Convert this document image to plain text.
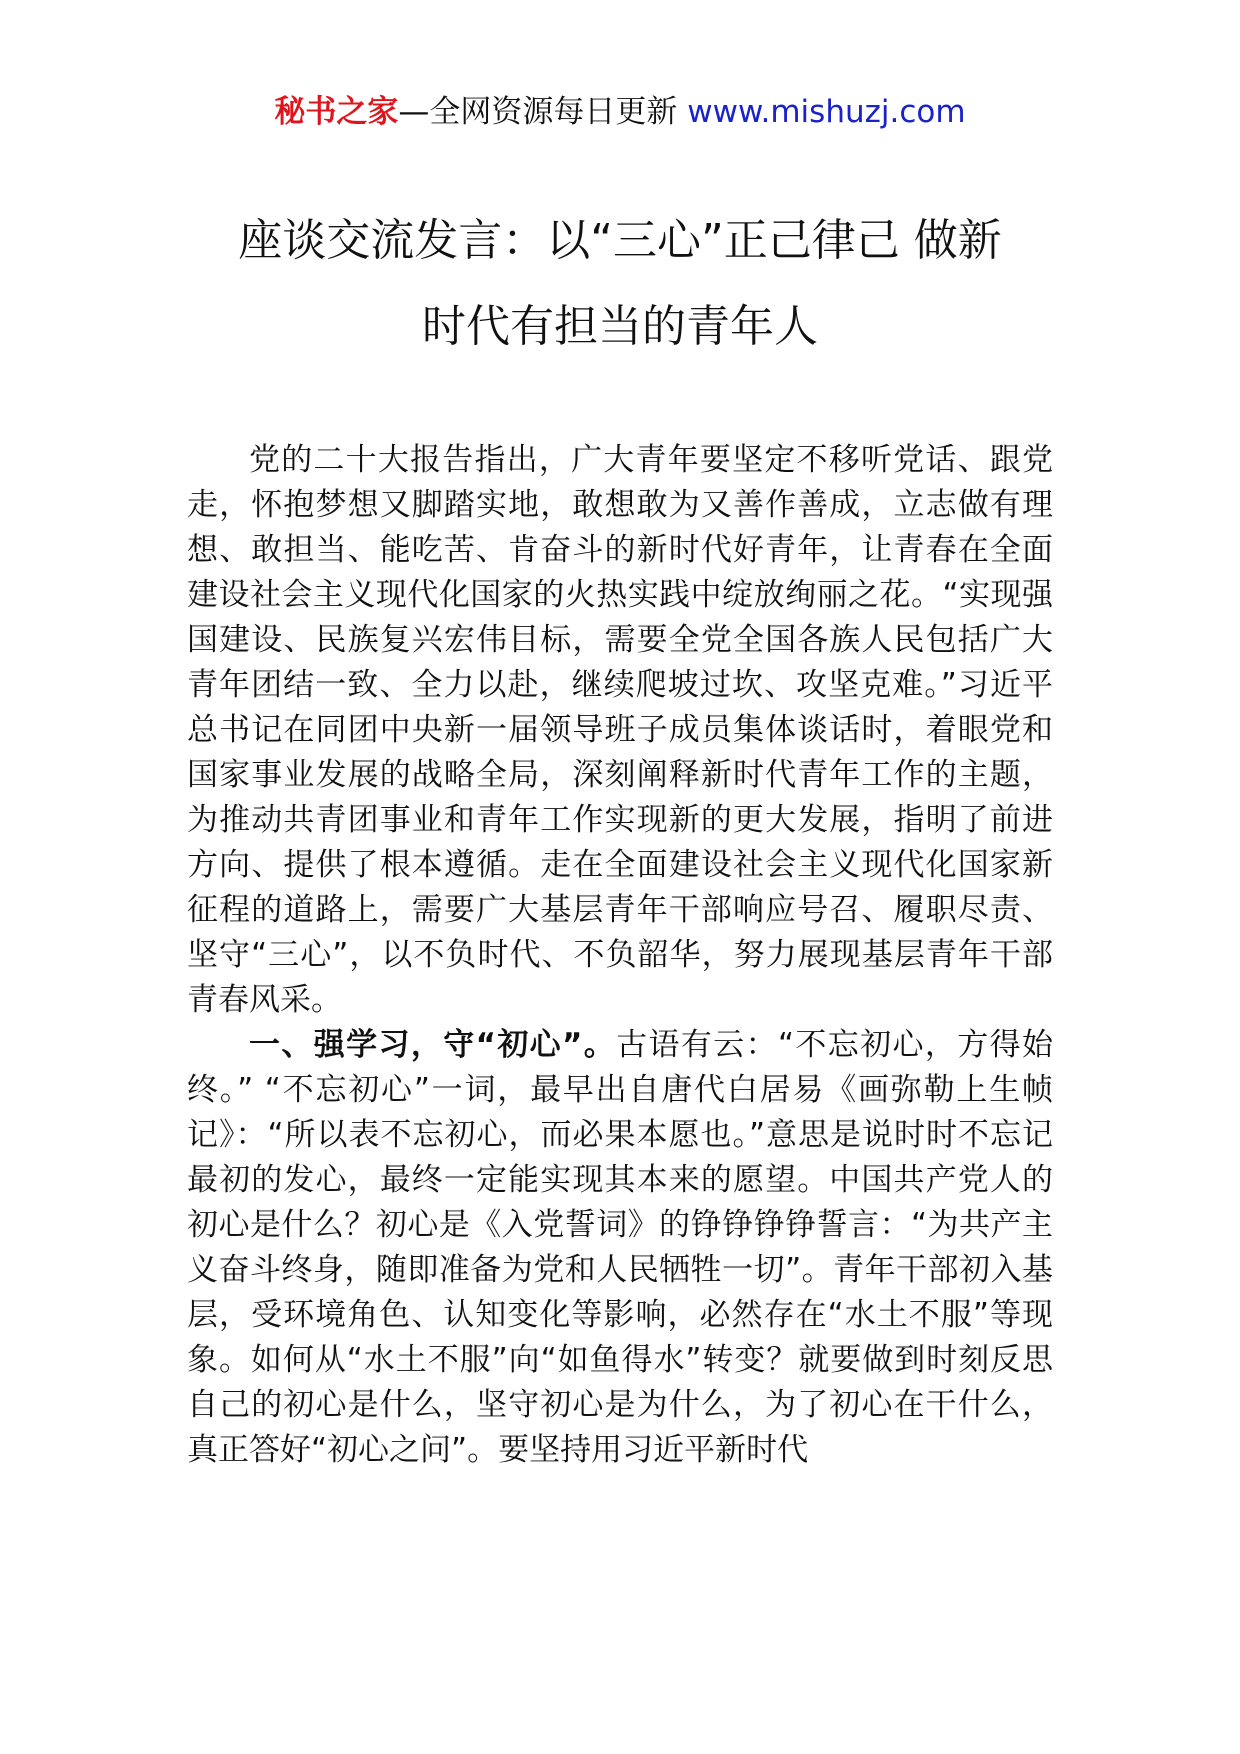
秘书之家—全网资源每日更新 www.mishuzj.com
座谈交流发言：以“三心”正己律己 做新
时代有担当的青年人

党的二十大报告指出，广大青年要坚定不移听党话、跟党走，怀抱梦想又脚踏实地，敢想敢为又善作善成，立志做有理想、敢担当、能吃苦、肯奋斗的新时代好青年，让青春在全面建设社会主义现代化国家的火热实践中绽放绚丽之花。“实现强国建设、民族复兴宏伟目标，需要全党全国各族人民包括广大青年团结一致、全力以赴，继续爬坡过坎、攻坚克难。”习近平总书记在同团中央新一届领导班子成员集体谈话时，着眼党和国家事业发展的战略全局，深刻阐释新时代青年工作的主题，为推动共青团事业和青年工作实现新的更大发展，指明了前进方向、提供了根本遵循。走在全面建设社会主义现代化国家新征程的道路上，需要广大基层青年干部响应号召、履职尽责、坚守“三心”，以不负时代、不负韶华，努力展现基层青年干部青春风采。

一、强学习，守“初心”。古语有云：“不忘初心，方得始终。” “不忘初心”一词，最早出自唐代白居易《画弥勒上生帧记》：“所以表不忘初心，而必果本愿也。”意思是说时时不忘记最初的发心，最终一定能实现其本来的愿望。中国共产党人的初心是什么？初心是《入党誓词》的铮铮铮铮誓言：“为共产主义奋斗终身，随即准备为党和人民牺牲一切”。青年干部初入基层，受环境角色、认知变化等影响，必然存在“水土不服”等现象。如何从“水土不服”向“如鱼得水”转变？就要做到时刻反思自己的初心是什么，坚守初心是为什么，为了初心在干什么，真正答好“初心之问”。要坚持用习近平新时代
